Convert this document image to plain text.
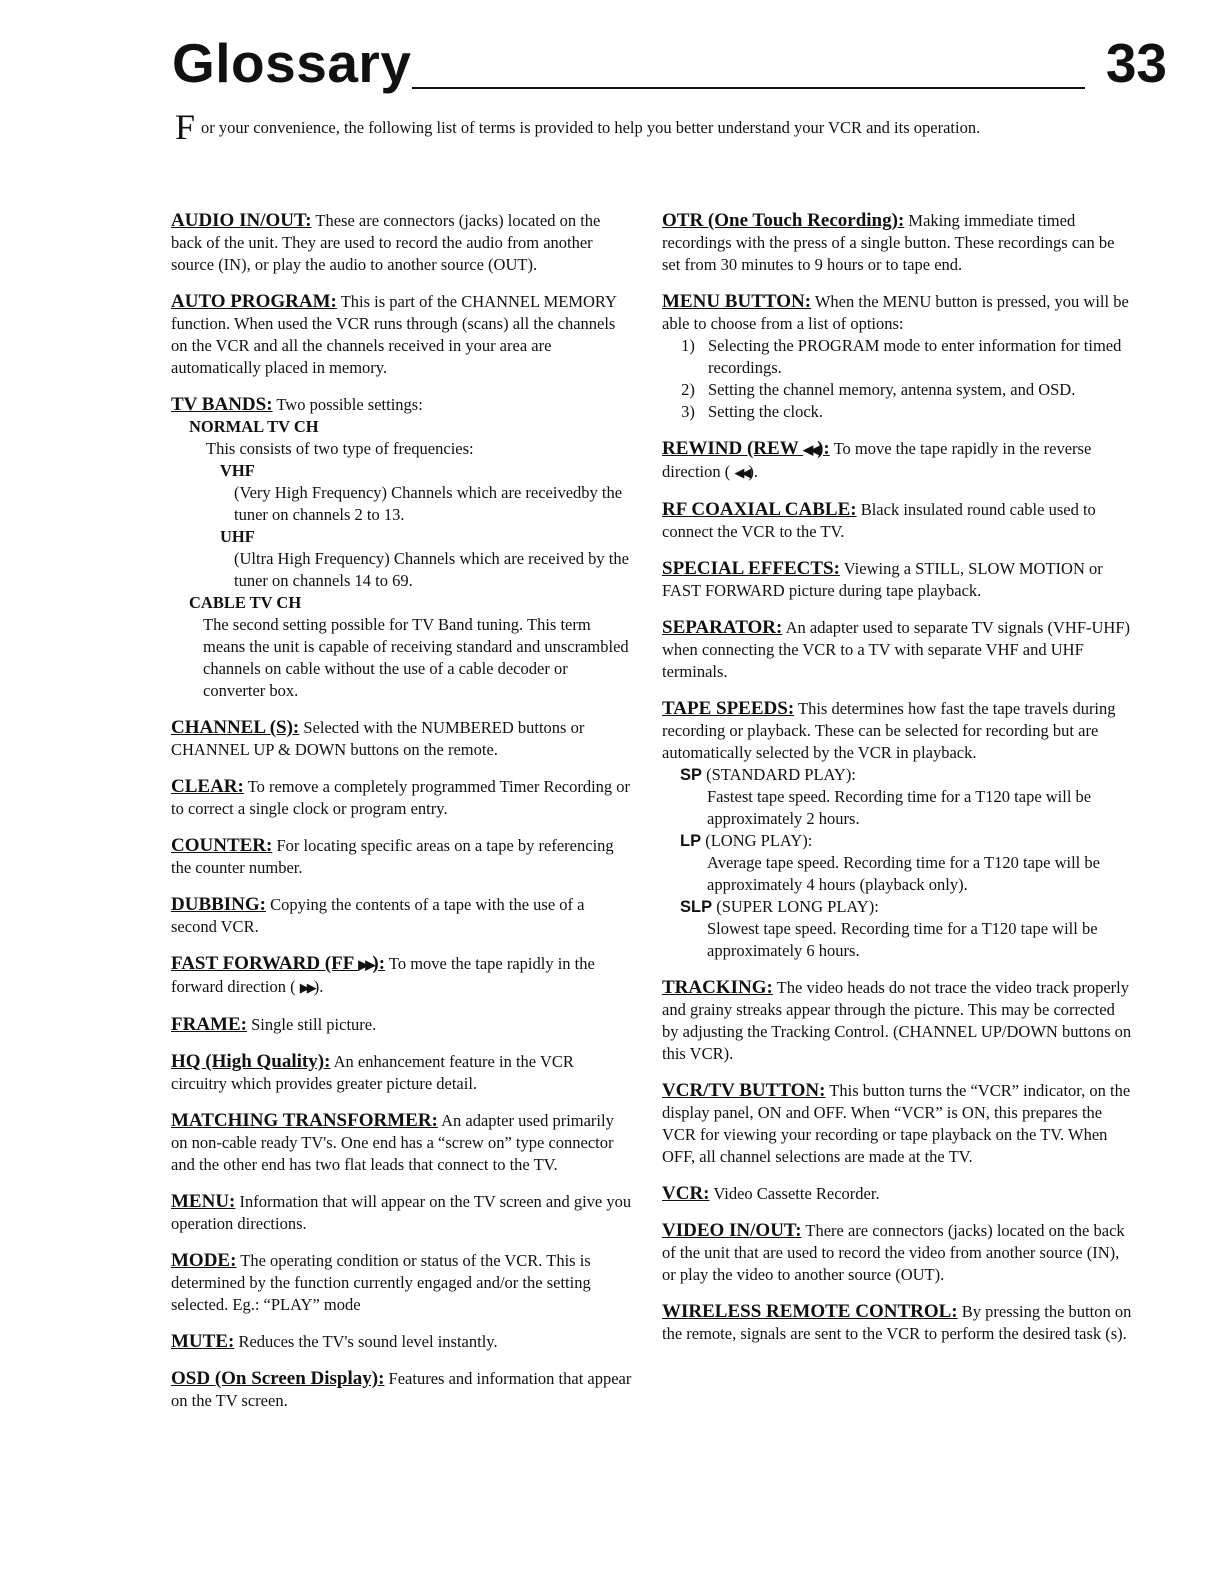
Glossary	33
F or your convenience, the following list of terms is provided to help you better understand your VCR and its operation.
AUDIO IN/OUT: These are connectors (jacks) located on the back of the unit. They are used to record the audio from another source (IN), or play the audio to another source (OUT).
AUTO PROGRAM: This is part of the CHANNEL MEMORY function. When used the VCR runs through (scans) all the channels on the VCR and all the channels received in your area are automatically placed in memory.
TV BANDS: Two possible settings:
NORMAL TV CH
This consists of two type of frequencies:
VHF
(Very High Frequency) Channels which are receivedby the tuner on channels 2 to 13.
UHF
(Ultra High Frequency) Channels which are received by the tuner on channels 14 to 69.
CABLE TV CH
The second setting possible for TV Band tuning. This term means the unit is capable of receiving standard and unscrambled channels on cable without the use of a cable decoder or converter box.
CHANNEL (S): Selected with the NUMBERED buttons or CHANNEL UP & DOWN buttons on the remote.
CLEAR: To remove a completely programmed Timer Recording or to correct a single clock or program entry.
COUNTER: For locating specific areas on a tape by referencing the counter number.
DUBBING: Copying the contents of a tape with the use of a second VCR.
FAST FORWARD (FF ▶▶): To move the tape rapidly in the forward direction ( ▶▶).
FRAME: Single still picture.
HQ (High Quality): An enhancement feature in the VCR circuitry which provides greater picture detail.
MATCHING TRANSFORMER: An adapter used primarily on non-cable ready TV's. One end has a “screw on” type connector and the other end has two flat leads that connect to the TV.
MENU: Information that will appear on the TV screen and give you operation directions.
MODE: The operating condition or status of the VCR. This is determined by the function currently engaged and/or the setting selected. Eg.: “PLAY” mode
MUTE: Reduces the TV's sound level instantly.
OSD (On Screen Display): Features and information that appear on the TV screen.
OTR (One Touch Recording): Making immediate timed recordings with the press of a single button. These recordings can be set from 30 minutes to 9 hours or to tape end.
MENU BUTTON: When the MENU button is pressed, you will be able to choose from a list of options:
1) Selecting the PROGRAM mode to enter information for timed recordings.
2) Setting the channel memory, antenna system, and OSD.
3) Setting the clock.
REWIND (REW ◀◀): To move the tape rapidly in the reverse direction ( ◀◀).
RF COAXIAL CABLE: Black insulated round cable used to connect the VCR to the TV.
SPECIAL EFFECTS: Viewing a STILL, SLOW MOTION or FAST FORWARD picture during tape playback.
SEPARATOR: An adapter used to separate TV signals (VHF-UHF) when connecting the VCR to a TV with separate VHF and UHF terminals.
TAPE SPEEDS: This determines how fast the tape travels during recording or playback. These can be selected for recording but are automatically selected by the VCR in playback.
SP (STANDARD PLAY):
Fastest tape speed. Recording time for a T120 tape will be approximately 2 hours.
LP (LONG PLAY):
Average tape speed. Recording time for a T120 tape will be approximately 4 hours (playback only).
SLP (SUPER LONG PLAY):
Slowest tape speed. Recording time for a T120 tape will be approximately 6 hours.
TRACKING: The video heads do not trace the video track properly and grainy streaks appear through the picture. This may be corrected by adjusting the Tracking Control. (CHANNEL UP/DOWN buttons on this VCR).
VCR/TV BUTTON: This button turns the “VCR” indicator, on the display panel, ON and OFF. When “VCR” is ON, this prepares the VCR for viewing your recording or tape playback on the TV. When OFF, all channel selections are made at the TV.
VCR: Video Cassette Recorder.
VIDEO IN/OUT: There are connectors (jacks) located on the back of the unit that are used to record the video from another source (IN), or play the video to another source (OUT).
WIRELESS REMOTE CONTROL: By pressing the button on the remote, signals are sent to the VCR to perform the desired task (s).
